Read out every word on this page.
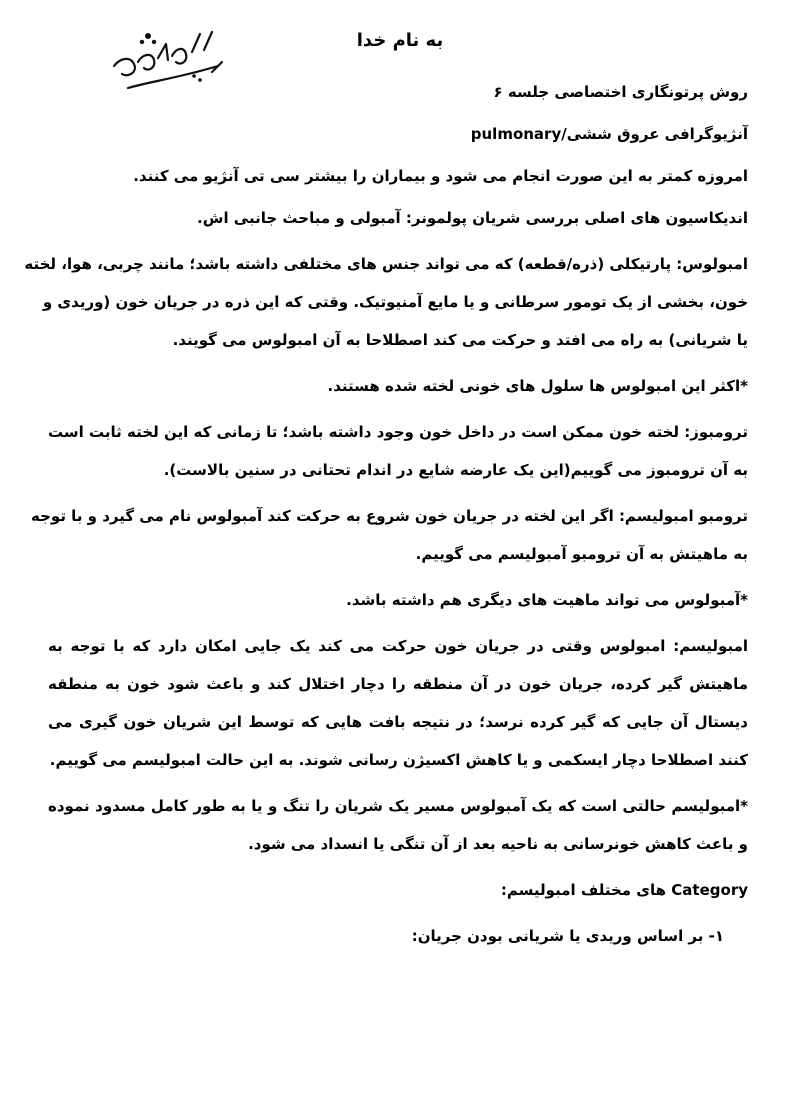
به نام خدا
روش پرتونگاری اختصاصی جلسه ۶
آنژیوگرافی عروق ششی/pulmonary
امروزه کمتر به این صورت انجام می شود و بیماران را بیشتر سی تی آنژیو می کنند.
اندیکاسیون های اصلی بررسی شریان پولمونر: آمبولی و مباحث جانبی اش.
امبولوس: پارتیکلی (ذره/قطعه) که می تواند جنس های مختلفی داشته باشد؛ مانند چربی، هوا، لخته
خون، بخشی از یک تومور سرطانی و یا مایع آمنیوتیک. وقتی که این ذره در جریان خون (وریدی و
یا شریانی) به راه می افتد و حرکت می کند اصطلاحا به آن امبولوس می گویند.
*اکثر این امبولوس ها سلول های خونی لخته شده هستند.
ترومبوز: لخته خون ممکن است در داخل خون وجود داشته باشد؛ تا زمانی که این لخته ثابت است
به آن ترومبوز می گوییم(این یک عارضه شایع در اندام تحتانی در سنین بالاست).
ترومبو امبولیسم: اگر این لخته در جریان خون شروع به حرکت کند آمبولوس نام می گیرد و با توجه
به ماهیتش به آن ترومبو آمبولیسم می گوییم.
*آمبولوس می تواند ماهیت های دیگری هم داشته باشد.
امبولیسم: امبولوس وقتی در جریان خون حرکت می کند یک جایی امکان دارد که با توجه به
ماهیتش گیر کرده، جریان خون در آن منطقه را دچار اختلال کند و باعث شود خون به منطقه
دیستال آن جایی که گیر کرده نرسد؛ در نتیجه بافت هایی که توسط این شریان خون گیری می
کنند اصطلاحا دچار ایسکمی و یا کاهش اکسیژن رسانی شوند. به این حالت امبولیسم می گوییم.
*امبولیسم حالتی است که یک آمبولوس مسیر یک شریان را تنگ و یا به طور کامل مسدود نموده
و باعث کاهش خونرسانی به ناحیه بعد از آن تنگی یا انسداد می شود.
Category های مختلف امبولیسم:
۱- بر اساس وریدی یا شریانی بودن جریان:
